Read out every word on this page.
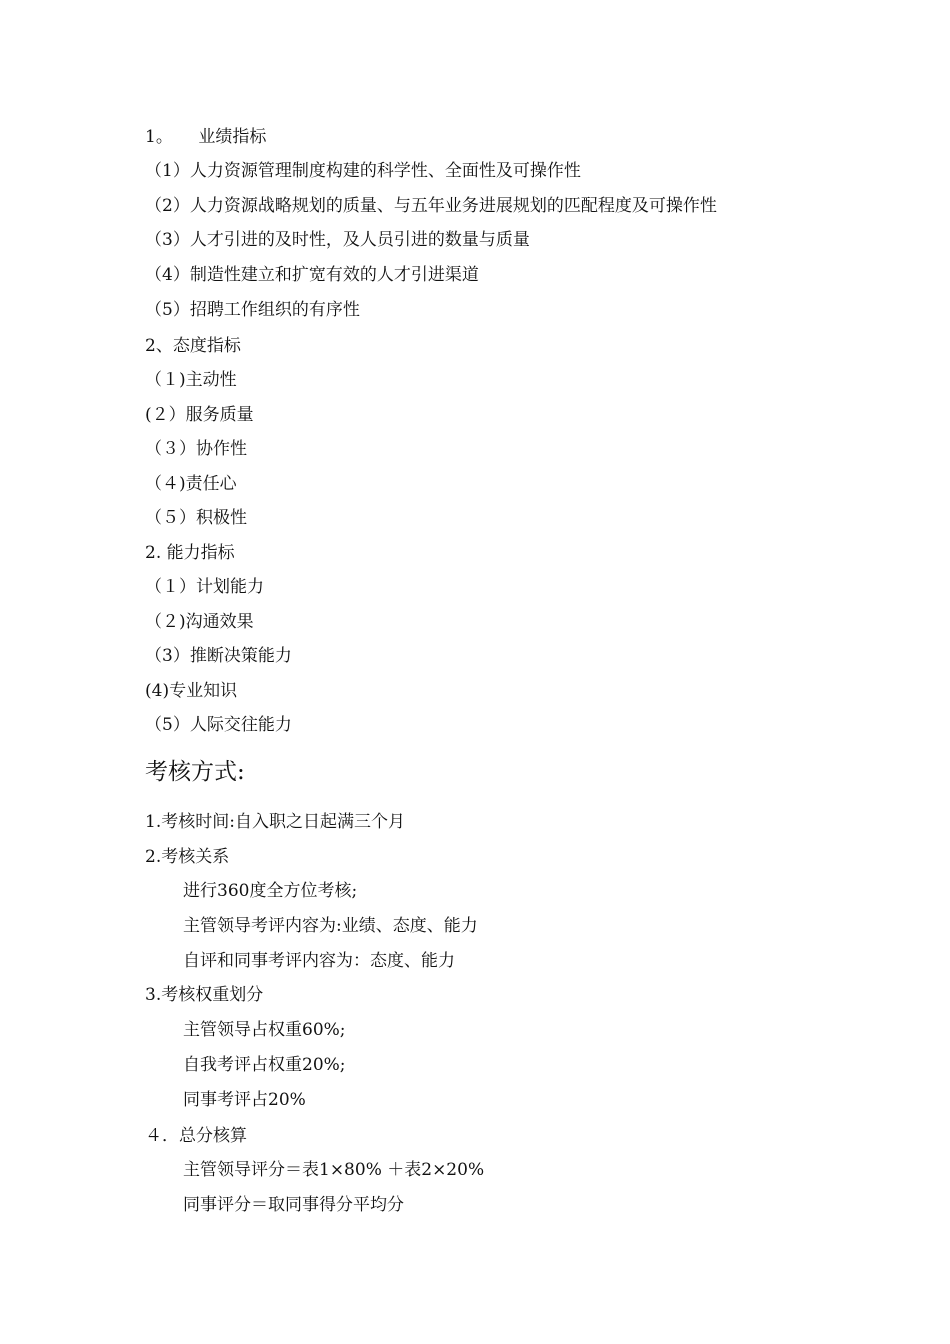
1。　　业绩指标
（1）人力资源管理制度构建的科学性、全面性及可操作性
（2）人力资源战略规划的质量、与五年业务进展规划的匹配程度及可操作性
（3）人才引进的及时性，及人员引进的数量与质量
（4）制造性建立和扩宽有效的人才引进渠道
（5）招聘工作组织的有序性
2、态度指标
（１)主动性
(２）服务质量
（３）协作性
（４)责任心
（５）积极性
2. 能力指标
（１）计划能力
（２)沟通效果
（3）推断决策能力
(4)专业知识
（5）人际交往能力
考核方式:
1.考核时间:自入职之日起满三个月
2.考核关系
进行360度全方位考核;
主管领导考评内容为:业绩、态度、能力
自评和同事考评内容为：态度、能力
3.考核权重划分
主管领导占权重60%;
自我考评占权重20%;
同事考评占20%
４．总分核算
主管领导评分＝表1×80% ＋表2×20%
同事评分＝取同事得分平均分
